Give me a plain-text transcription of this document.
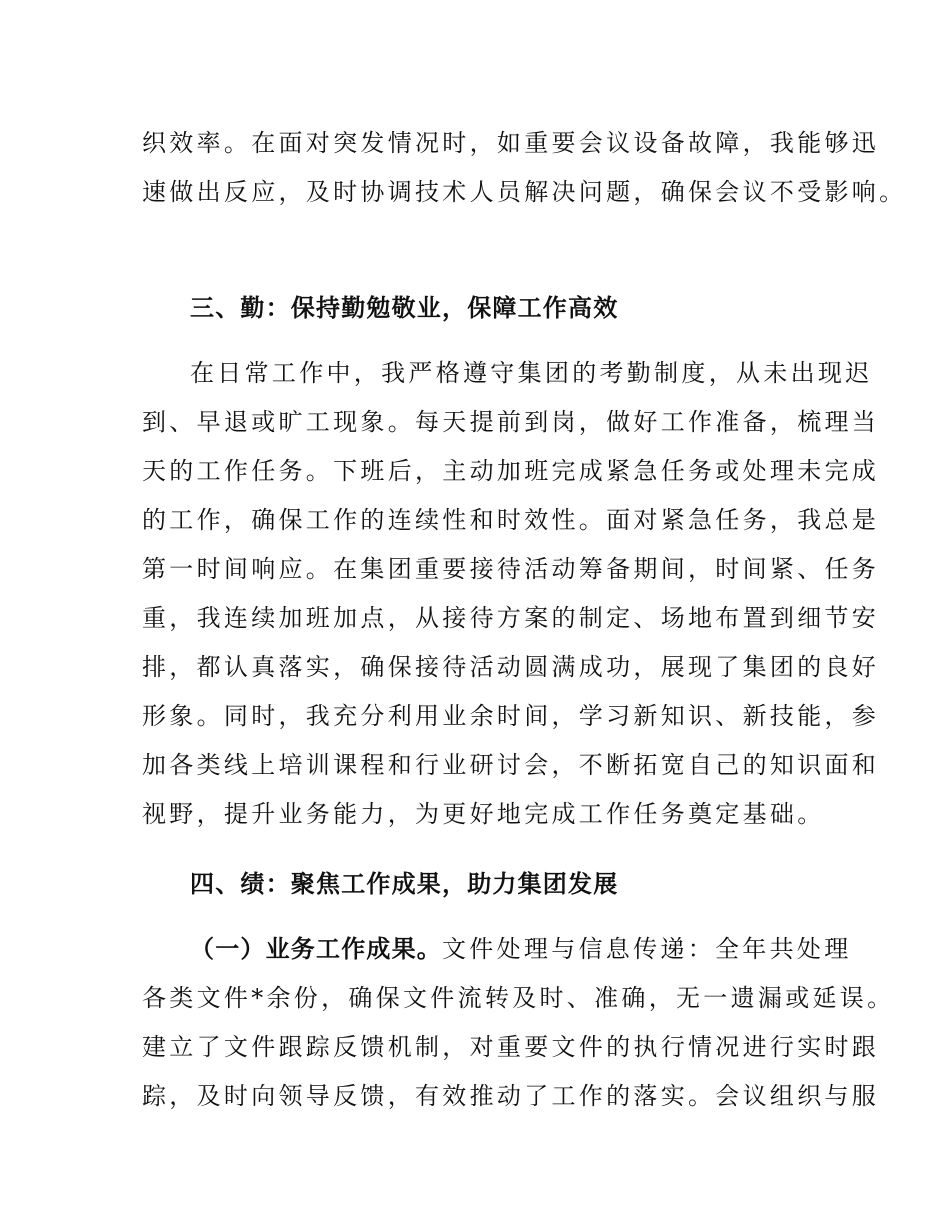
织效率。在面对突发情况时，如重要会议设备故障，我能够迅
速做出反应，及时协调技术人员解决问题，确保会议不受影响。
三、勤：保持勤勉敬业，保障工作高效
在日常工作中，我严格遵守集团的考勤制度，从未出现迟
到、早退或旷工现象。每天提前到岗，做好工作准备，梳理当
天的工作任务。下班后，主动加班完成紧急任务或处理未完成
的工作，确保工作的连续性和时效性。面对紧急任务，我总是
第一时间响应。在集团重要接待活动筹备期间，时间紧、任务
重，我连续加班加点，从接待方案的制定、场地布置到细节安
排，都认真落实，确保接待活动圆满成功，展现了集团的良好
形象。同时，我充分利用业余时间，学习新知识、新技能，参
加各类线上培训课程和行业研讨会，不断拓宽自己的知识面和
视野，提升业务能力，为更好地完成工作任务奠定基础。
四、绩：聚焦工作成果，助力集团发展
（一）业务工作成果。文件处理与信息传递：全年共处理
各类文件*余份，确保文件流转及时、准确，无一遗漏或延误。
建立了文件跟踪反馈机制，对重要文件的执行情况进行实时跟
踪，及时向领导反馈，有效推动了工作的落实。会议组织与服
